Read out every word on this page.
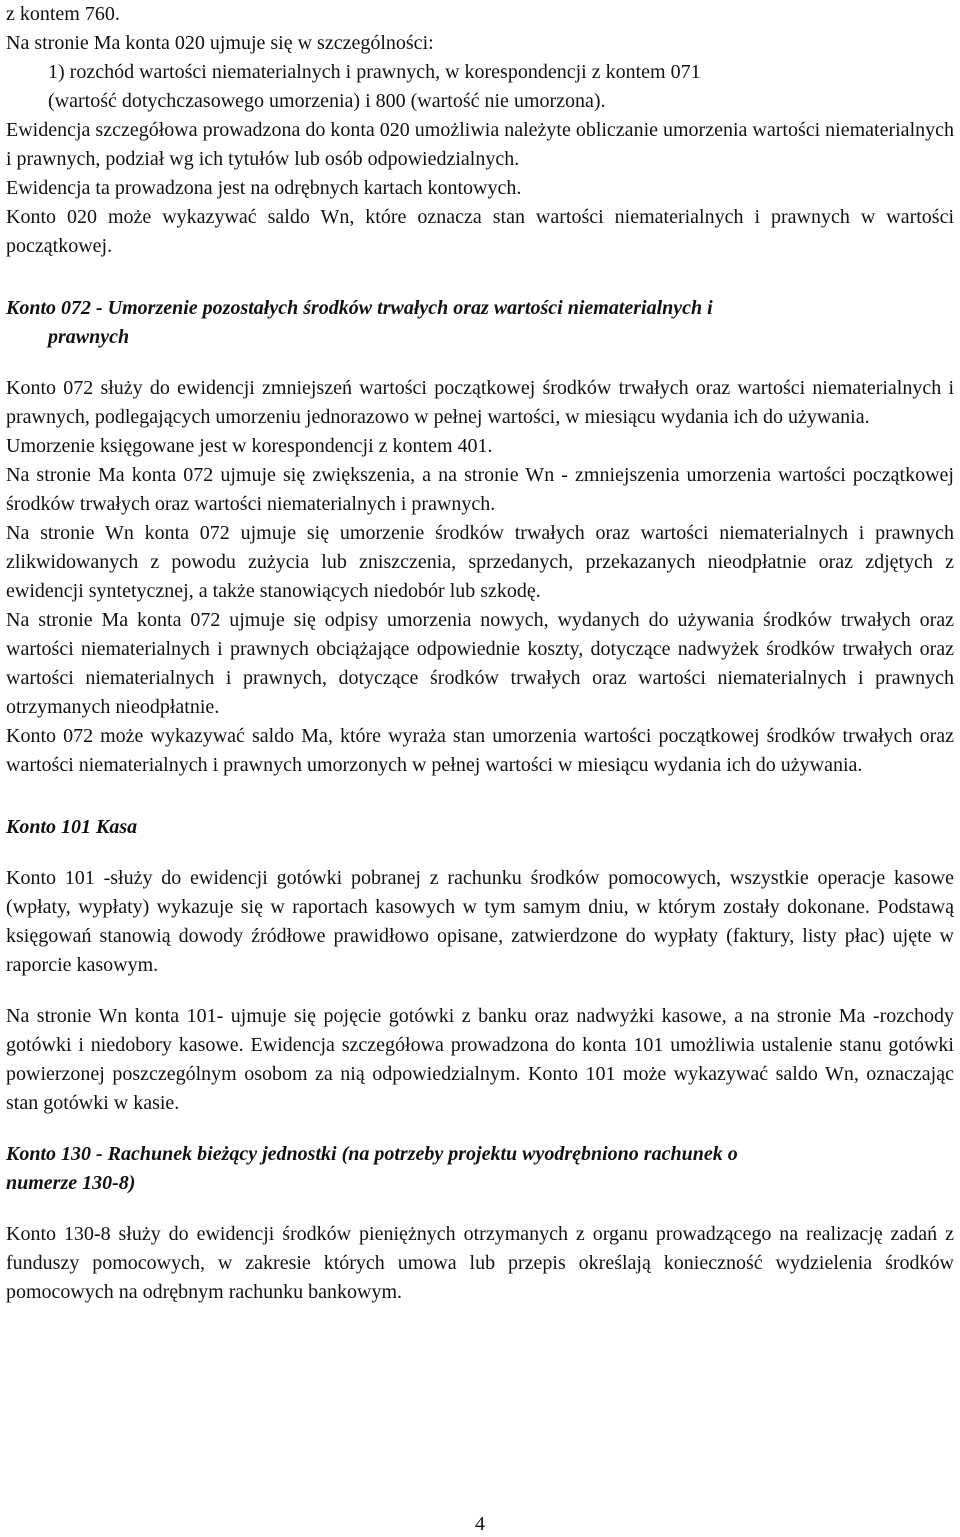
z kontem 760.

Na stronie Ma konta 020 ujmuje się w szczególności:

1) rozchód wartości niematerialnych i prawnych, w korespondencji z kontem 071

(wartość dotychczasowego umorzenia) i 800 (wartość nie umorzona).

Ewidencja szczegółowa prowadzona do konta 020 umożliwia należyte obliczanie umorzenia wartości niematerialnych i prawnych, podział wg ich tytułów lub osób odpowiedzialnych.

Ewidencja ta prowadzona jest na odrębnych kartach kontowych.

Konto 020 może wykazywać saldo Wn, które oznacza stan wartości niematerialnych i prawnych w wartości początkowej.

Konto 072 - Umorzenie pozostałych środków trwałych oraz wartości niematerialnych i
prawnych

Konto 072 służy do ewidencji zmniejszeń wartości początkowej środków trwałych oraz wartości niematerialnych i prawnych, podlegających umorzeniu jednorazowo w pełnej wartości, w miesiącu wydania ich do używania.

Umorzenie księgowane jest w korespondencji z kontem 401.

Na stronie Ma konta 072 ujmuje się zwiększenia, a na stronie Wn - zmniejszenia umorzenia wartości początkowej środków trwałych oraz wartości niematerialnych i prawnych.

Na stronie Wn konta 072 ujmuje się umorzenie środków trwałych oraz wartości niematerialnych i prawnych zlikwidowanych z powodu zużycia lub zniszczenia, sprzedanych, przekazanych nieodpłatnie oraz zdjętych z ewidencji syntetycznej, a także stanowiących niedobór lub szkodę.

Na stronie Ma konta 072 ujmuje się odpisy umorzenia nowych, wydanych do używania środków trwałych oraz wartości niematerialnych i prawnych obciążające odpowiednie koszty, dotyczące nadwyżek środków trwałych oraz wartości niematerialnych i prawnych, dotyczące środków trwałych oraz wartości niematerialnych i prawnych otrzymanych nieodpłatnie.

Konto 072 może wykazywać saldo Ma, które wyraża stan umorzenia wartości początkowej środków trwałych oraz wartości niematerialnych i prawnych umorzonych w pełnej wartości w miesiącu wydania ich do używania.

Konto 101 Kasa

Konto 101 -służy do ewidencji gotówki pobranej z rachunku środków pomocowych, wszystkie operacje kasowe (wpłaty, wypłaty) wykazuje się w raportach kasowych w tym samym dniu, w którym zostały dokonane. Podstawą księgowań stanowią dowody źródłowe prawidłowo opisane, zatwierdzone do wypłaty (faktury, listy płac) ujęte w raporcie kasowym.

Na stronie Wn konta 101- ujmuje się pojęcie gotówki z banku oraz nadwyżki kasowe, a na stronie Ma -rozchody gotówki i niedobory kasowe. Ewidencja szczegółowa prowadzona do konta 101 umożliwia ustalenie stanu gotówki powierzonej poszczególnym osobom za nią odpowiedzialnym. Konto 101 może wykazywać saldo Wn, oznaczając stan gotówki w kasie.

Konto 130 - Rachunek bieżący jednostki (na potrzeby projektu wyodrębniono rachunek o
numerze 130-8)

Konto 130-8 służy do ewidencji środków pieniężnych otrzymanych z organu prowadzącego na realizację zadań z funduszy pomocowych, w zakresie których umowa lub przepis określają konieczność wydzielenia środków pomocowych na odrębnym rachunku bankowym.

4
